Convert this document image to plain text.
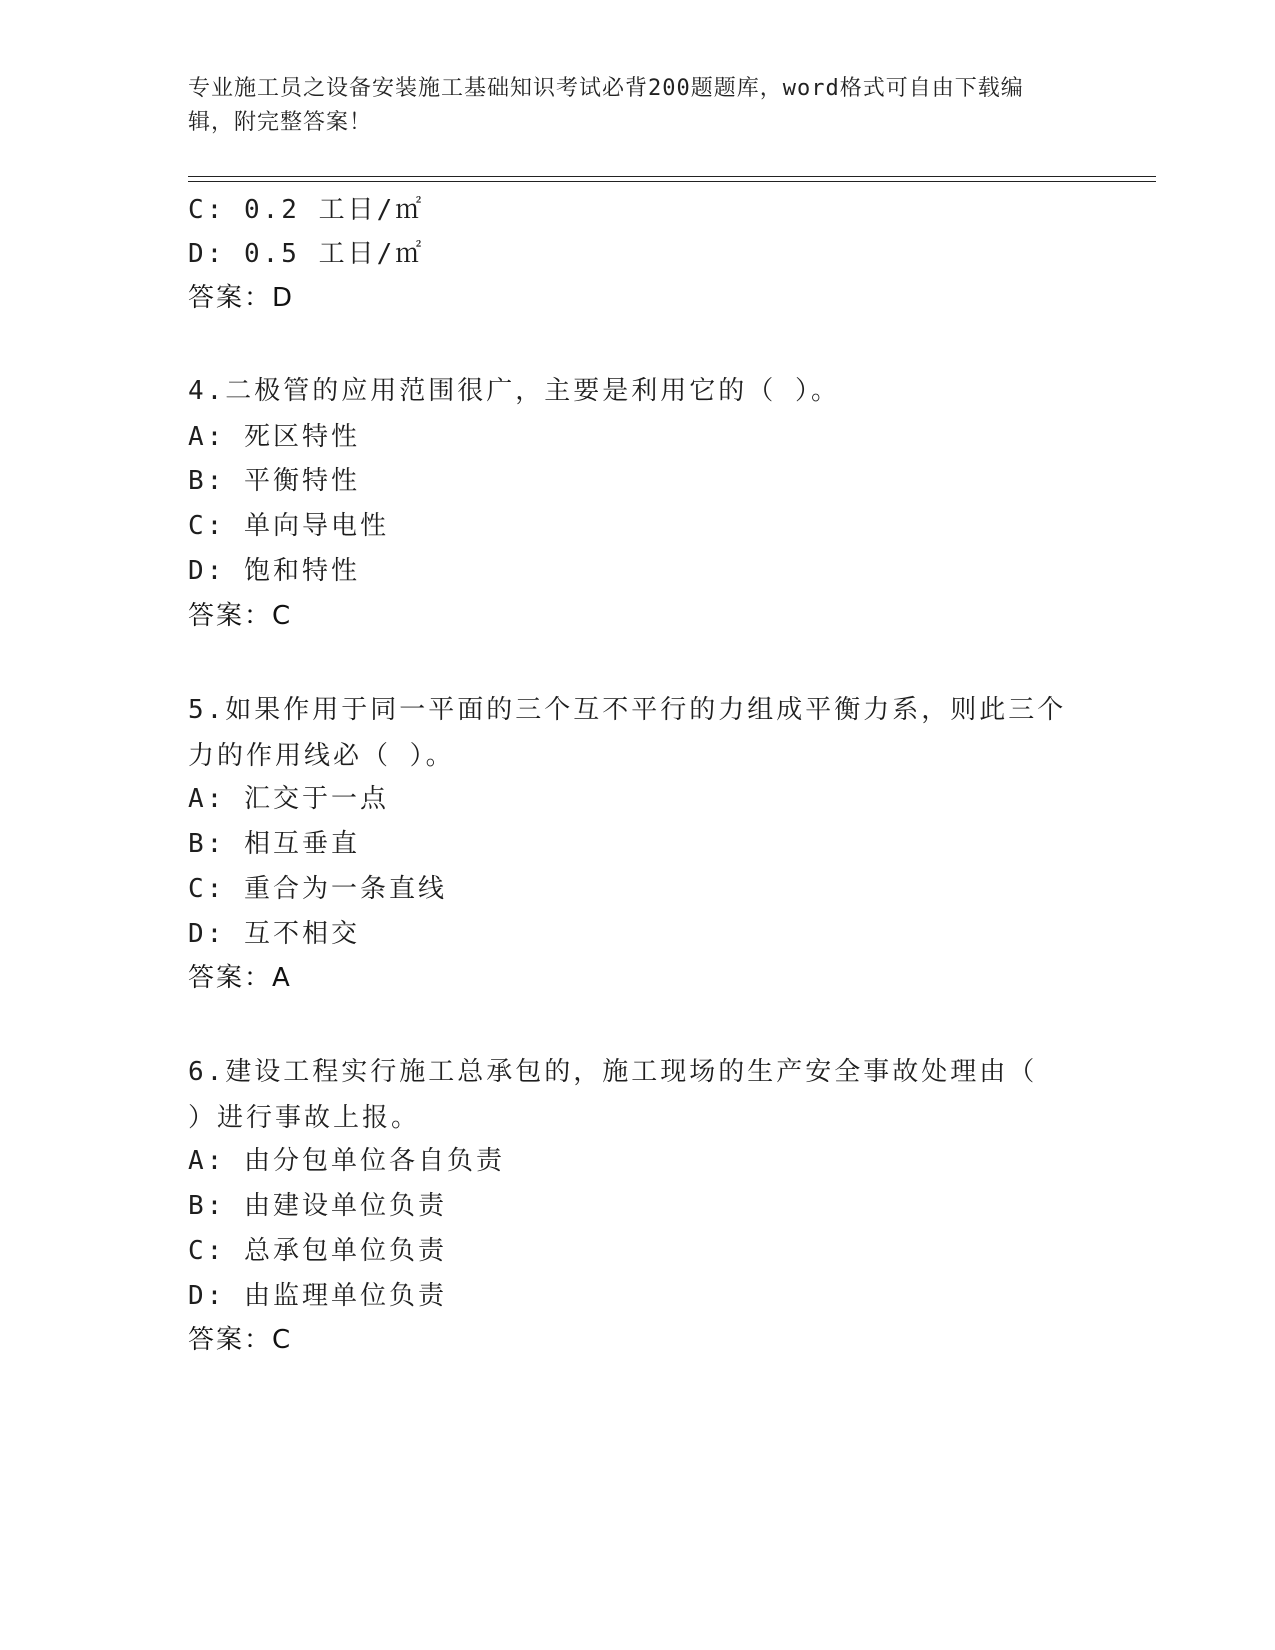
专业施工员之设备安装施工基础知识考试必背200题题库，word格式可自由下载编辑，附完整答案！
C: 0.2 工日/㎡
D: 0.5 工日/㎡
答案：D
4.二极管的应用范围很广，主要是利用它的（ ）。
A: 死区特性
B: 平衡特性
C: 单向导电性
D: 饱和特性
答案：C
5.如果作用于同一平面的三个互不平行的力组成平衡力系，则此三个力的作用线必（ ）。
A: 汇交于一点
B: 相互垂直
C: 重合为一条直线
D: 互不相交
答案：A
6.建设工程实行施工总承包的，施工现场的生产安全事故处理由（ ）进行事故上报。
A: 由分包单位各自负责
B: 由建设单位负责
C: 总承包单位负责
D: 由监理单位负责
答案：C
